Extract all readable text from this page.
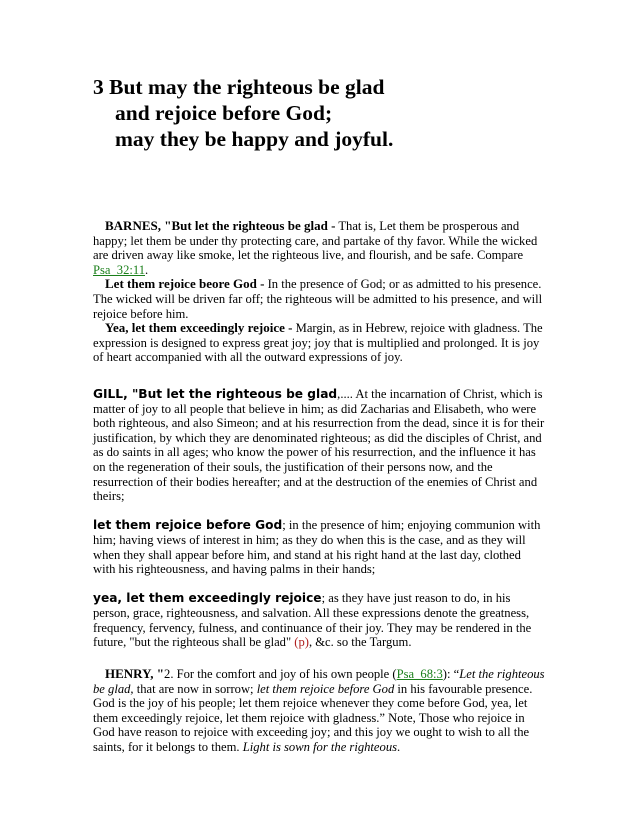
3 But may the righteous be glad
and rejoice before God;
may they be happy and joyful.

BARNES, "But let the righteous be glad - That is, Let them be prosperous and happy; let them be under thy protecting care, and partake of thy favor. While the wicked are driven away like smoke, let the righteous live, and flourish, and be safe. Compare Psa_32:11.

Let them rejoice beore God - In the presence of God; or as admitted to his presence. The wicked will be driven far off; the righteous will be admitted to his presence, and will rejoice before him.

Yea, let them exceedingly rejoice - Margin, as in Hebrew, rejoice with gladness. The expression is designed to express great joy; joy that is multiplied and prolonged. It is joy of heart accompanied with all the outward expressions of joy.

GILL, "But let the righteous be glad,.... At the incarnation of Christ, which is matter of joy to all people that believe in him; as did Zacharias and Elisabeth, who were both righteous, and also Simeon; and at his resurrection from the dead, since it is for their justification, by which they are denominated righteous; as did the disciples of Christ, and as do saints in all ages; who know the power of his resurrection, and the influence it has on the regeneration of their souls, the justification of their persons now, and the resurrection of their bodies hereafter; and at the destruction of the enemies of Christ and theirs;

let them rejoice before God; in the presence of him; enjoying communion with him; having views of interest in him; as they do when this is the case, and as they will when they shall appear before him, and stand at his right hand at the last day, clothed with his righteousness, and having palms in their hands;

yea, let them exceedingly rejoice; as they have just reason to do, in his person, grace, righteousness, and salvation. All these expressions denote the greatness, frequency, fervency, fulness, and continuance of their joy. They may be rendered in the future, "but the righteous shall be glad" (p), &c. so the Targum.

HENRY, "2. For the comfort and joy of his own people (Psa_68:3): “Let the righteous be glad, that are now in sorrow; let them rejoice before God in his favourable presence. God is the joy of his people; let them rejoice whenever they come before God, yea, let them exceedingly rejoice, let them rejoice with gladness.” Note, Those who rejoice in God have reason to rejoice with exceeding joy; and this joy we ought to wish to all the saints, for it belongs to them. Light is sown for the righteous.
